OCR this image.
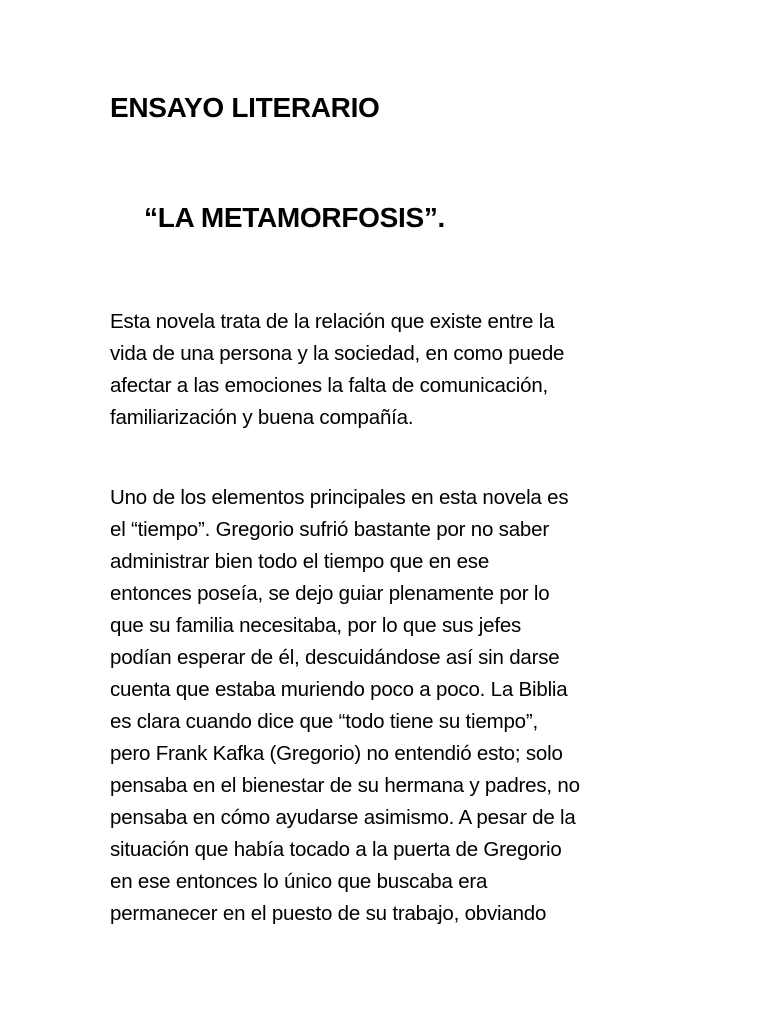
ENSAYO LITERARIO
“LA METAMORFOSIS”.

Esta novela trata de la relación que existe entre la
vida de una persona y la sociedad, en como puede
afectar a las emociones la falta de comunicación,
familiarización y buena compañía.

Uno de los elementos principales en esta novela es
el “tiempo”. Gregorio sufrió bastante por no saber
administrar bien todo el tiempo que en ese
entonces poseía, se dejo guiar plenamente por lo
que su familia necesitaba, por lo que sus jefes
podían esperar de él, descuidándose así sin darse
cuenta que estaba muriendo poco a poco. La Biblia
es clara cuando dice que “todo tiene su tiempo”,
pero Frank Kafka (Gregorio) no entendió esto; solo
pensaba en el bienestar de su hermana y padres, no
pensaba en cómo ayudarse asimismo. A pesar de la
situación que había tocado a la puerta de Gregorio
en ese entonces lo único que buscaba era
permanecer en el puesto de su trabajo, obviando
